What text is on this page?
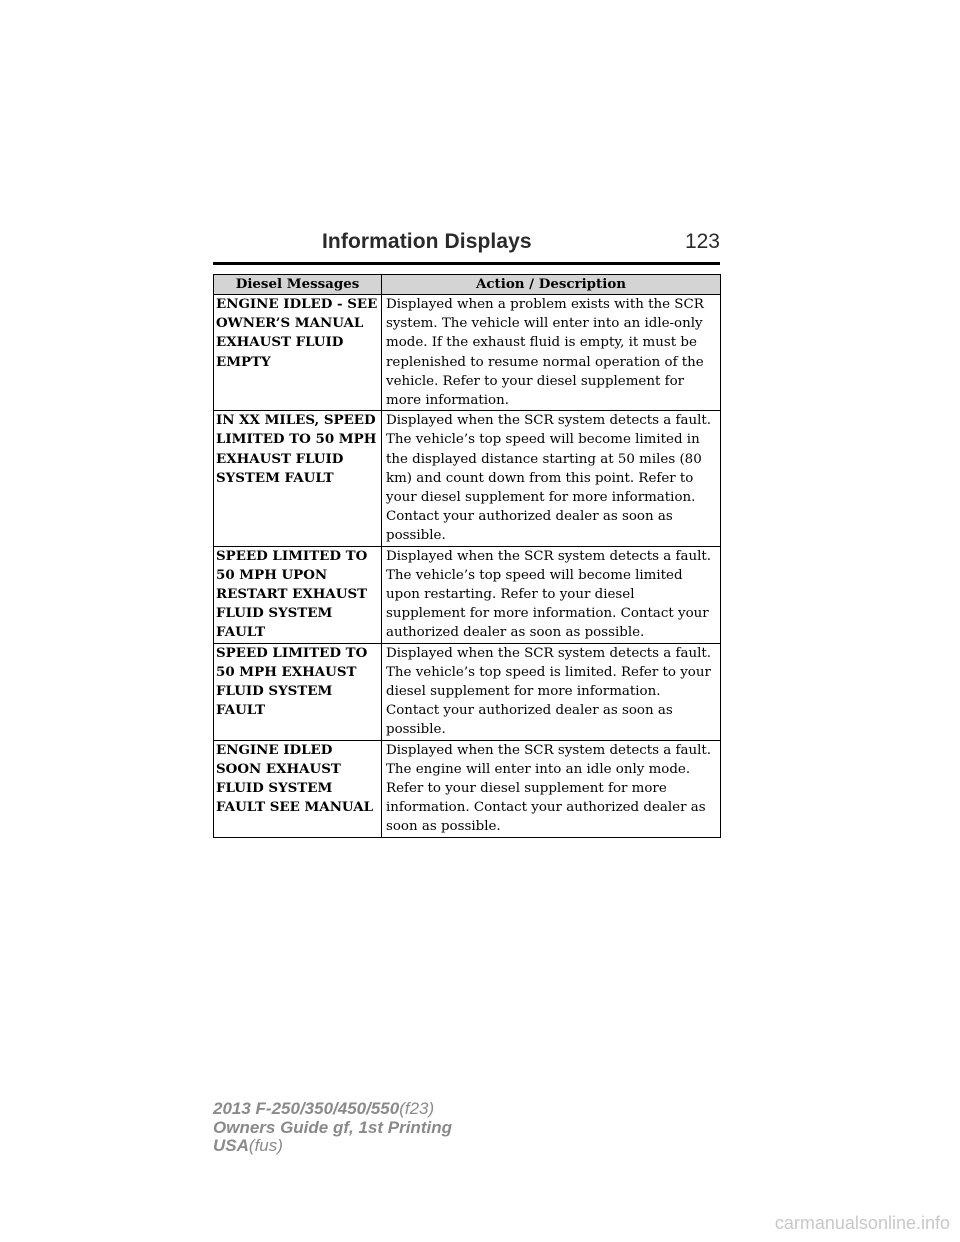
Information Displays	123
Diesel Messages	Action / Description
ENGINE IDLED - SEE OWNER’S MANUAL EXHAUST FLUID EMPTY	Displayed when a problem exists with the SCR system. The vehicle will enter into an idle-only mode. If the exhaust fluid is empty, it must be replenished to resume normal operation of the vehicle. Refer to your diesel supplement for more information.
IN XX MILES, SPEED LIMITED TO 50 MPH EXHAUST FLUID SYSTEM FAULT	Displayed when the SCR system detects a fault. The vehicle’s top speed will become limited in the displayed distance starting at 50 miles (80 km) and count down from this point. Refer to your diesel supplement for more information. Contact your authorized dealer as soon as possible.
SPEED LIMITED TO 50 MPH UPON RESTART EXHAUST FLUID SYSTEM FAULT	Displayed when the SCR system detects a fault. The vehicle’s top speed will become limited upon restarting. Refer to your diesel supplement for more information. Contact your authorized dealer as soon as possible.
SPEED LIMITED TO 50 MPH EXHAUST FLUID SYSTEM FAULT	Displayed when the SCR system detects a fault. The vehicle’s top speed is limited. Refer to your diesel supplement for more information. Contact your authorized dealer as soon as possible.
ENGINE IDLED SOON EXHAUST FLUID SYSTEM FAULT SEE MANUAL	Displayed when the SCR system detects a fault. The engine will enter into an idle only mode. Refer to your diesel supplement for more information. Contact your authorized dealer as soon as possible.
2013 F-250/350/450/550(f23)
Owners Guide gf, 1st Printing
USA(fus)
carmanualsonline.info
